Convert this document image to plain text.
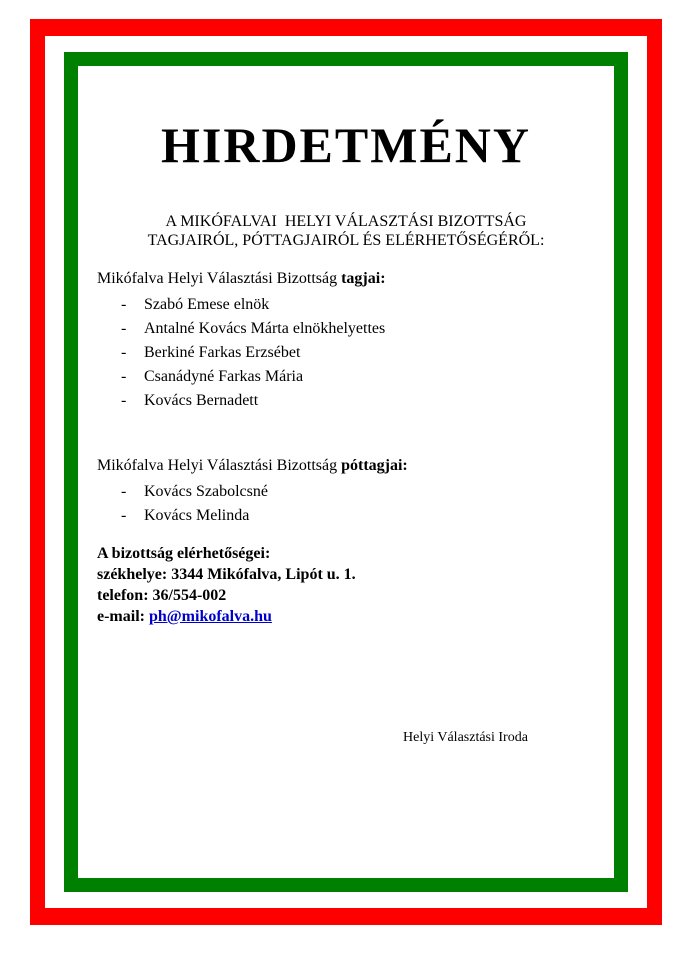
HIRDETMÉNY
A MIKÓFALVAI  HELYI VÁLASZTÁSI BIZOTTSÁG
TAGJAIRÓL, PÓTTAGJAIRÓL ÉS ELÉRHETŐSÉGÉRŐL:
Mikófalva Helyi Választási Bizottság tagjai:
- Szabó Emese elnök
- Antalné Kovács Márta elnökhelyettes
- Berkiné Farkas Erzsébet
- Csanádyné Farkas Mária
- Kovács Bernadett
Mikófalva Helyi Választási Bizottság póttagjai:
- Kovács Szabolcsné
- Kovács Melinda
A bizottság elérhetőségei:
székhelye: 3344 Mikófalva, Lipót u. 1.
telefon: 36/554-002
e-mail: ph@mikofalva.hu
Helyi Választási Iroda
